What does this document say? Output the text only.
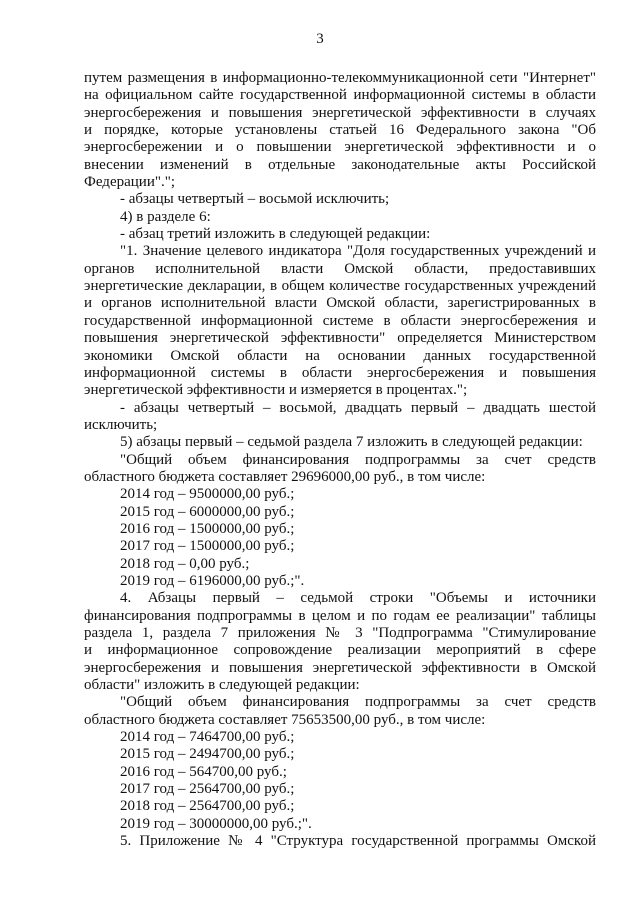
3
путем размещения в информационно-телекоммуникационной сети "Интернет"
на официальном сайте государственной информационной системы в области
энергосбережения и повышения энергетической эффективности в случаях
и порядке, которые установлены статьей 16 Федерального закона "Об
энергосбережении и о повышении энергетической эффективности и о
внесении изменений в отдельные законодательные акты Российской
Федерации".";
- абзацы четвертый – восьмой исключить;
4) в разделе 6:
- абзац третий изложить в следующей редакции:
"1. Значение целевого индикатора "Доля государственных учреждений и
органов исполнительной власти Омской области, предоставивших
энергетические декларации, в общем количестве государственных учреждений
и органов исполнительной власти Омской области, зарегистрированных в
государственной информационной системе в области энергосбережения и
повышения энергетической эффективности" определяется Министерством
экономики Омской области на основании данных государственной
информационной системы в области энергосбережения и повышения
энергетической эффективности и измеряется в процентах.";
- абзацы четвертый – восьмой, двадцать первый – двадцать шестой
исключить;
5) абзацы первый – седьмой раздела 7 изложить в следующей редакции:
"Общий объем финансирования подпрограммы за счет средств
областного бюджета составляет 29696000,00 руб., в том числе:
2014 год – 9500000,00 руб.;
2015 год – 6000000,00 руб.;
2016 год – 1500000,00 руб.;
2017 год – 1500000,00 руб.;
2018 год – 0,00 руб.;
2019 год – 6196000,00 руб.;".
4. Абзацы первый – седьмой строки "Объемы и источники
финансирования подпрограммы в целом и по годам ее реализации" таблицы
раздела 1, раздела 7 приложения № 3 "Подпрограмма "Стимулирование
и информационное сопровождение реализации мероприятий в сфере
энергосбережения и повышения энергетической эффективности в Омской
области" изложить в следующей редакции:
"Общий объем финансирования подпрограммы за счет средств
областного бюджета составляет 75653500,00 руб., в том числе:
2014 год – 7464700,00 руб.;
2015 год – 2494700,00 руб.;
2016 год – 564700,00 руб.;
2017 год – 2564700,00 руб.;
2018 год – 2564700,00 руб.;
2019 год – 30000000,00 руб.;".
5. Приложение № 4 "Структура государственной программы Омской
